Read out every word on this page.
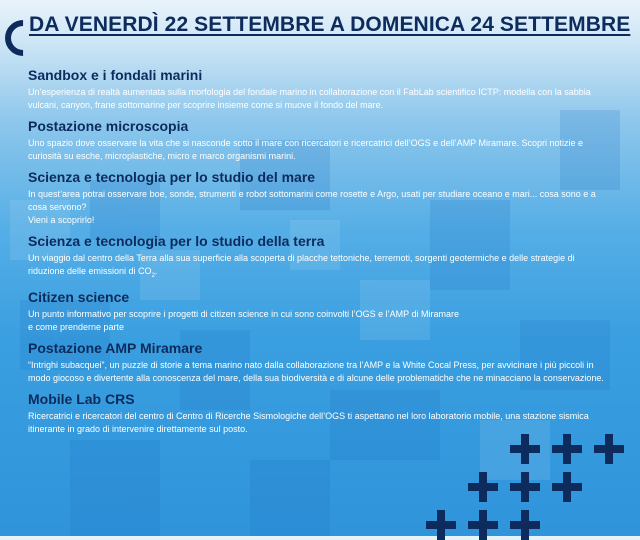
DA VENERDÌ 22 SETTEMBRE A DOMENICA 24 SETTEMBRE
Sandbox e i fondali marini

Un’esperienza di realtà aumentata sulla morfologia del fondale marino in collaborazione con il FabLab scientifico ICTP: modella con la sabbia
vulcani, canyon, frane sottomarine per scoprire insieme come si muove il fondo del mare.

Postazione microscopia

Uno spazio dove osservare la vita che si nasconde sotto il mare con ricercatori e ricercatrici dell’OGS e dell’AMP Miramare. Scopri notizie e
curiosità su esche, microplastiche, micro e marco organismi marini.

Scienza e tecnologia per lo studio del mare

In quest’area potrai osservare boe, sonde, strumenti e robot sottomarini come rosette e Argo, usati per studiare oceano e mari... cosa sono e a
cosa servono?
Vieni a scoprirlo!

Scienza e tecnologia per lo studio della terra

Un viaggio dal centro della Terra alla sua superficie alla scoperta di placche tettoniche, terremoti, sorgenti geotermiche e delle strategie di
riduzione delle emissioni di $CO_2$.

Citizen science

Un punto informativo per scoprire i progetti di citizen science in cui sono coinvolti l’OGS e l’AMP di Miramare
e come prenderne parte

Postazione AMP Miramare

“Intrighi subacquei”, un puzzle di storie a tema marino nato dalla collaborazione tra l’AMP e la White Cocal Press, per avvicinare i più piccoli in
modo giocoso e divertente alla conoscenza del mare, della sua biodiversità e di alcune delle problematiche che ne minacciano la conservazione.

Mobile Lab CRS

Ricercatrici e ricercatori del centro di Centro di Ricerche Sismologiche dell’OGS ti aspettano nel loro laboratorio mobile, una stazione sismica
itinerante in grado di intervenire direttamente sul posto.
